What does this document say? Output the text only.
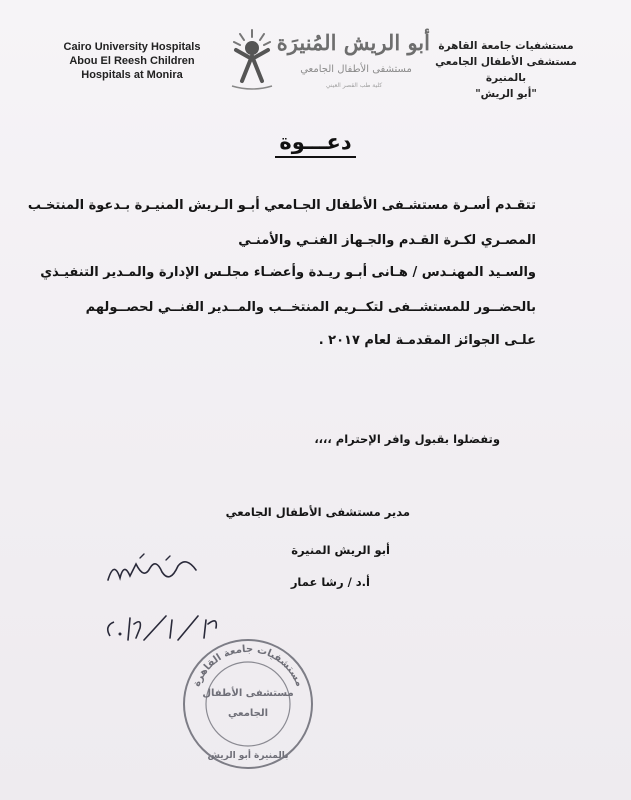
Cairo University Hospitals
Abou El Reesh Children
Hospitals at Monira
أبو الريش المُنيرَة
مستشفى الأطفال الجامعي
كلية طب القصر العيني
مستشفيات جامعة القاهرة
مستشفى الأطفال الجامعي بالمنيرة
"أبو الريش"
دعـــوة
تتقـدم أسـرة مستشـفى الأطفال الجـامعي أبـو الـريش المنيـرة بـدعوة المنتخـب
المصـري لكـرة القـدم والجـهاز الفنـي والأمنـي
والسـيد المهنـدس / هـانى أبـو ريـدة وأعضـاء مجلـس الإدارة والمـدير التنفيـذي
بالحضــور للمستشــفى لتكــريم المنتخــب والمــدير الفنــي لحصــولهم
علـى الجوائز المقدمـة لعام ٢٠١٧ .
وتفضلوا بقبول وافر الإحترام ،،،،
مدير مستشفى الأطفال الجامعي
أبو الريش المنيرة
أ.د / رشا عمار
مستشفيات جامعة القاهرة
مستشفى الأطفال
الجامعي
بالمنيرة أبو الريش
